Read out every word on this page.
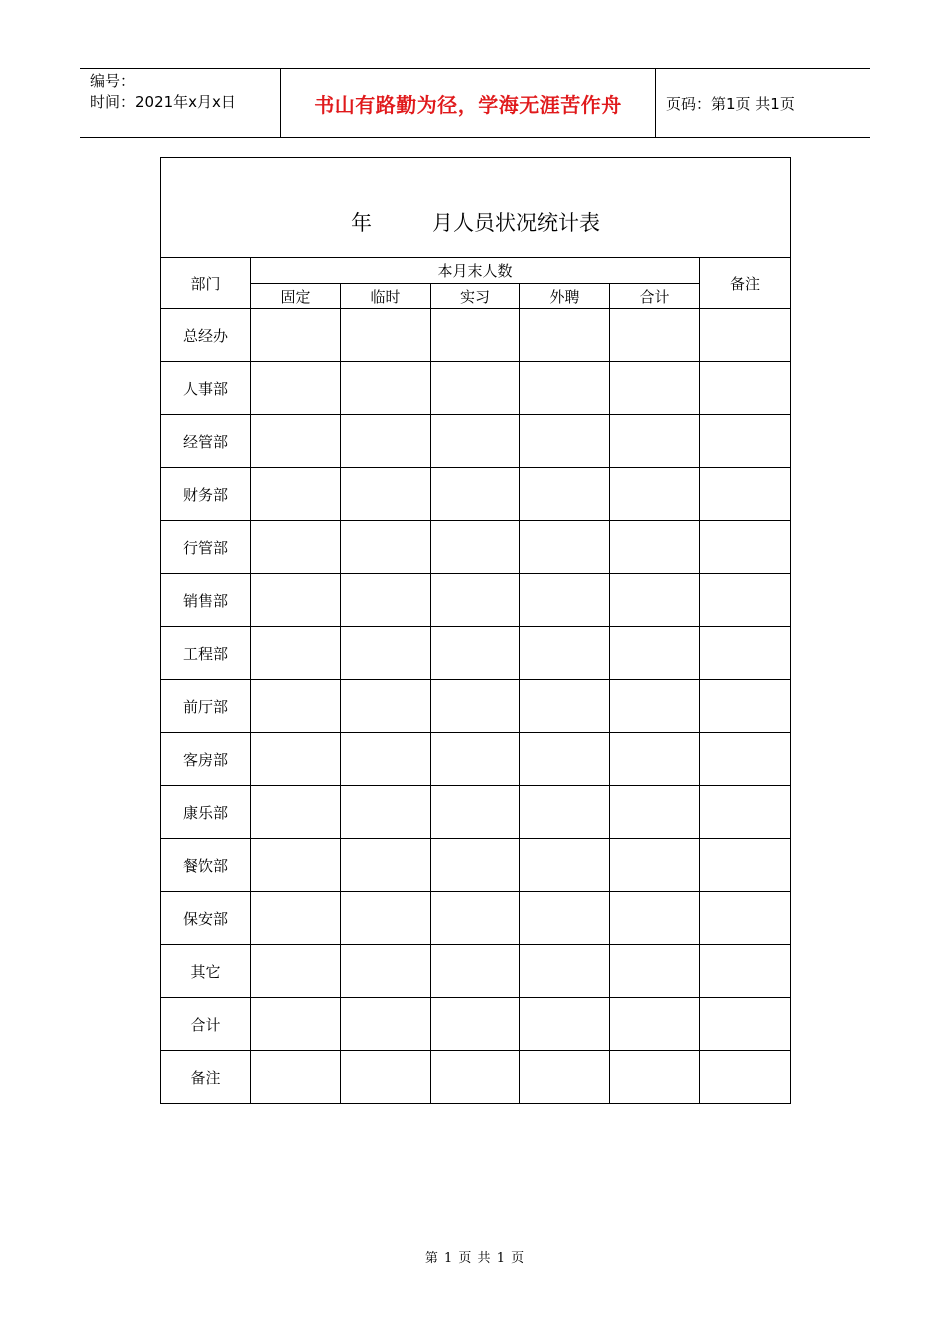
编号：
时间：2021年x月x日	书山有路勤为径，学海无涯苦作舟	页码：第1页 共1页
年 月人员状况统计表						
部门	本月末人数					备注
	固定	临时	实习	外聘	合计	
总经办						
人事部						
经管部						
财务部						
行管部						
销售部						
工程部						
前厅部						
客房部						
康乐部						
餐饮部						
保安部						
其它						
合计						
备注						
第 1 页 共 1 页
